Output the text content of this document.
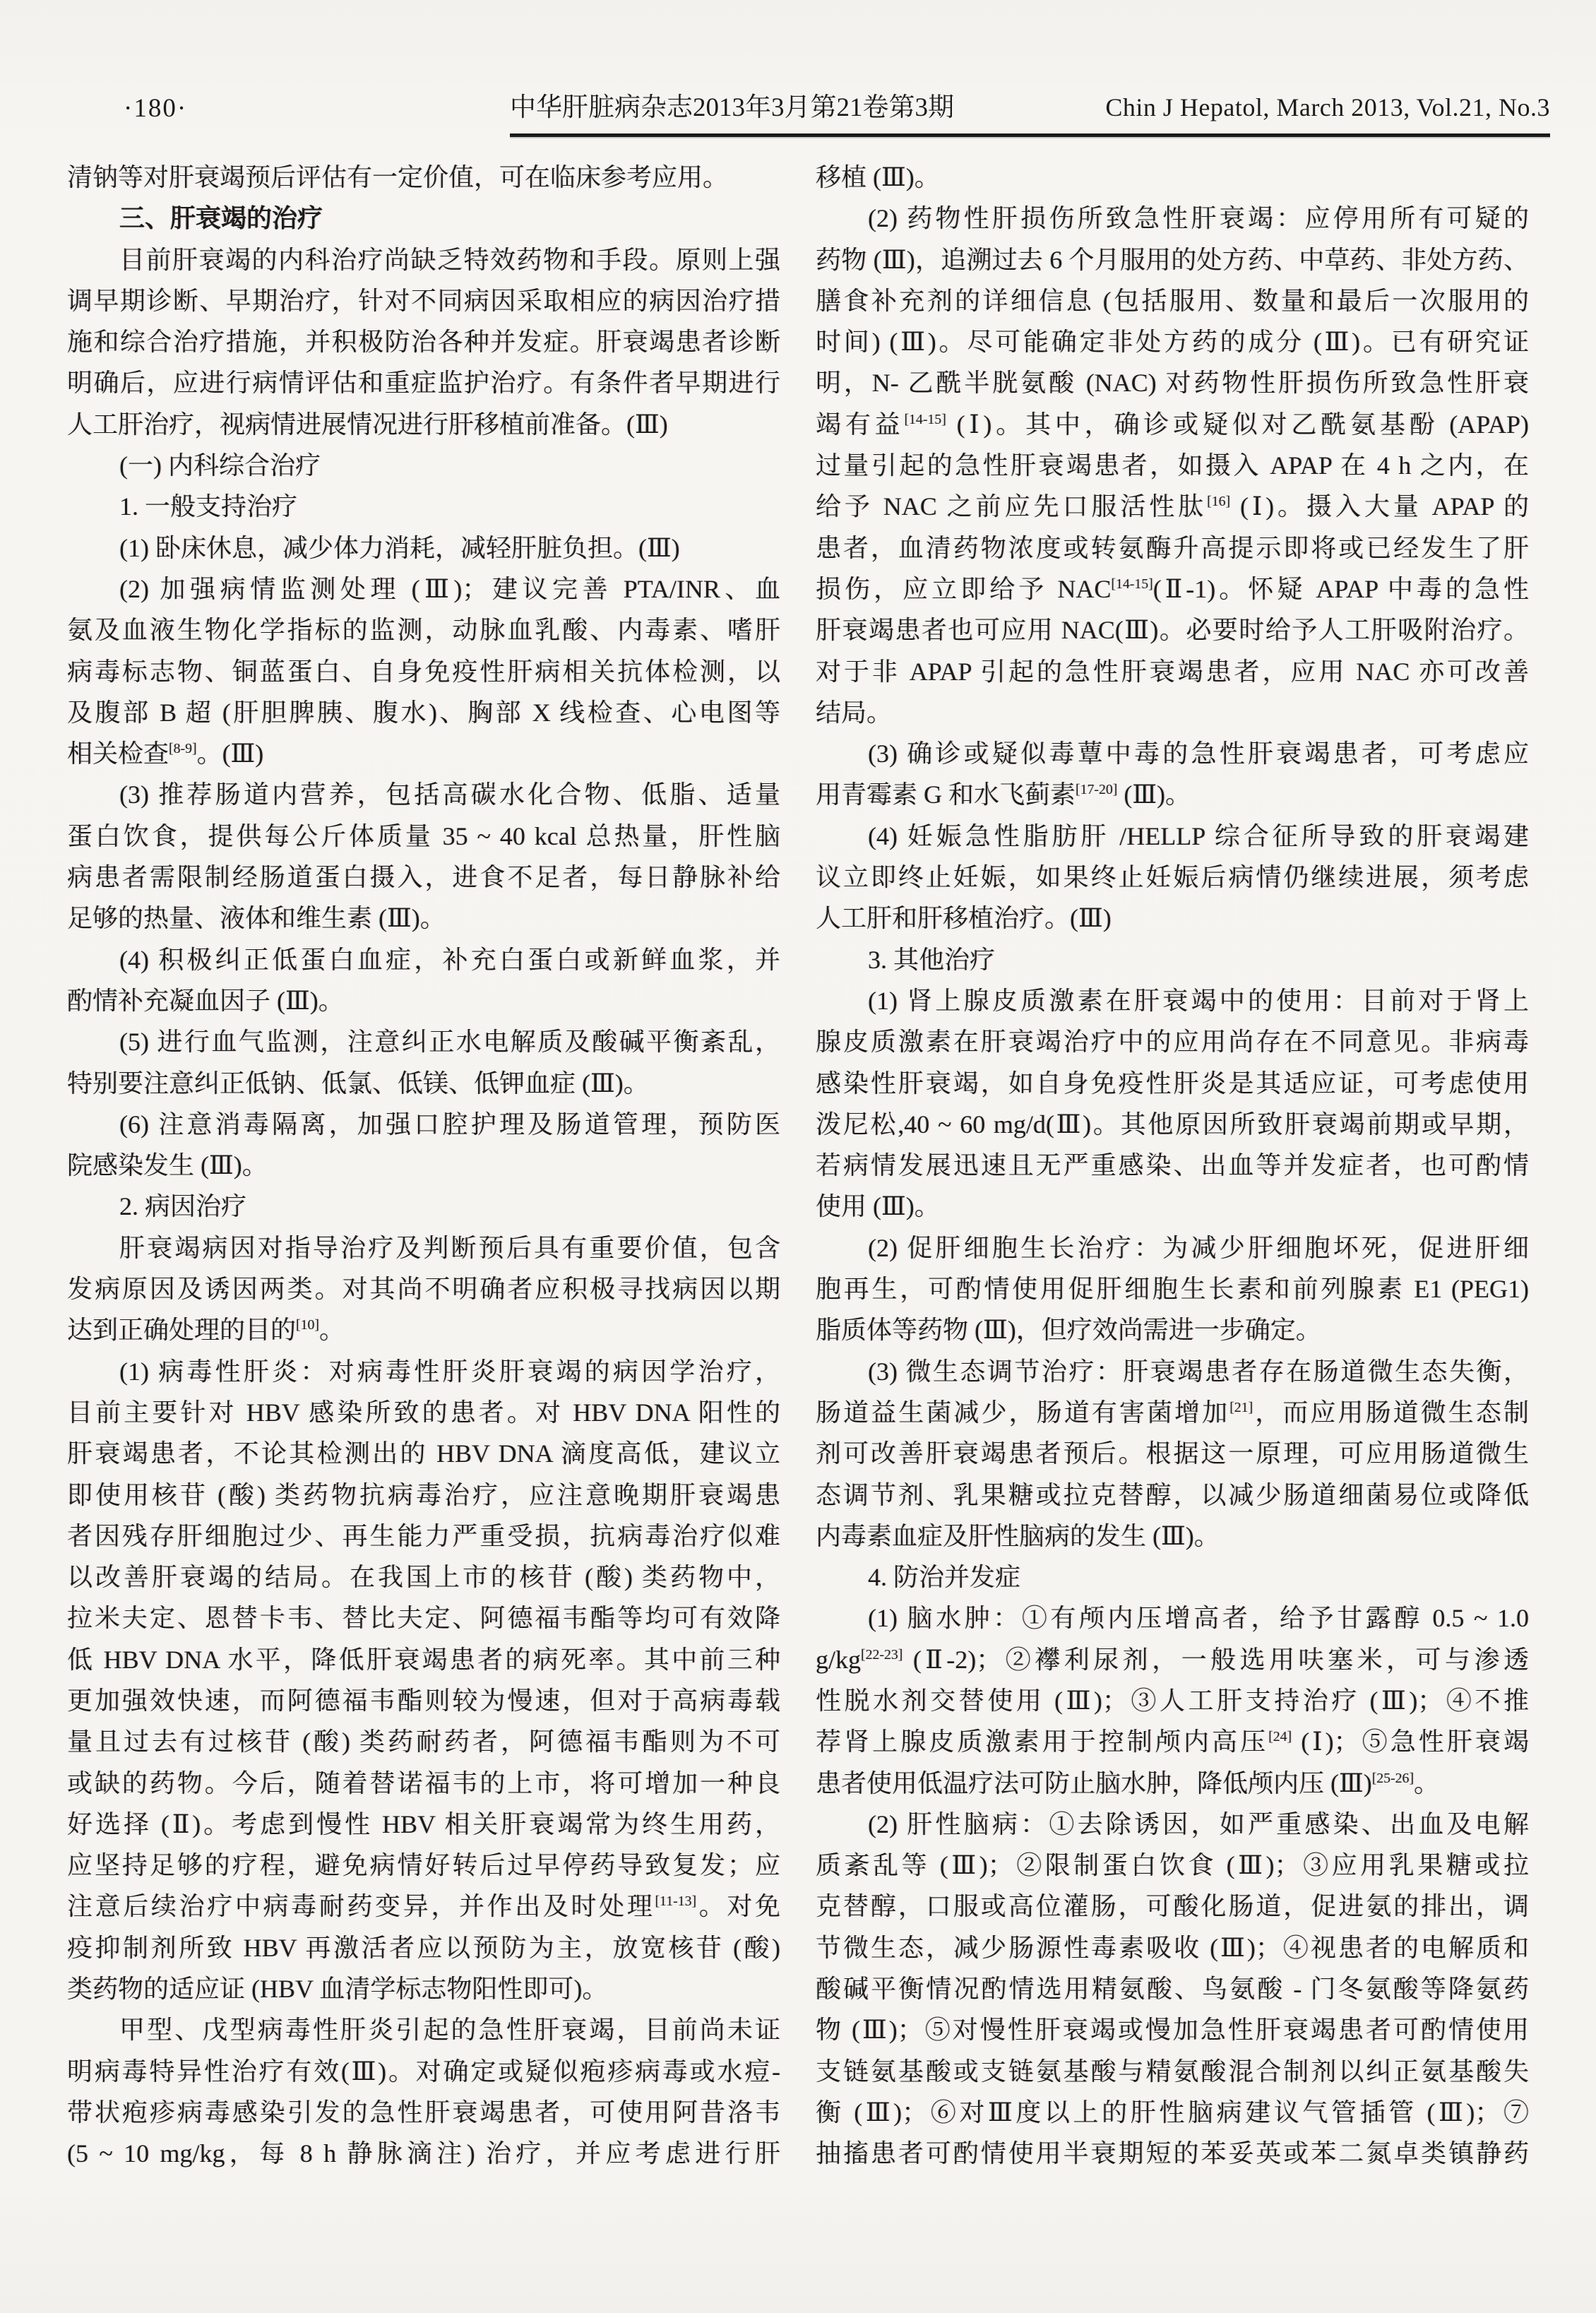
·180·	中华肝脏病杂志2013年3月第21卷第3期	Chin J Hepatol, March 2013, Vol.21, No.3

清钠等对肝衰竭预后评估有一定价值，可在临床参考应用。

三、肝衰竭的治疗

目前肝衰竭的内科治疗尚缺乏特效药物和手段。原则上强

调早期诊断、早期治疗，针对不同病因采取相应的病因治疗措

施和综合治疗措施，并积极防治各种并发症。肝衰竭患者诊断

明确后，应进行病情评估和重症监护治疗。有条件者早期进行

人工肝治疗，视病情进展情况进行肝移植前准备。(Ⅲ)

(一) 内科综合治疗

1. 一般支持治疗

(1) 卧床休息，减少体力消耗，减轻肝脏负担。(Ⅲ)

(2) 加强病情监测处理 (Ⅲ)；建议完善 PTA/INR、血

氨及血液生物化学指标的监测，动脉血乳酸、内毒素、嗜肝

病毒标志物、铜蓝蛋白、自身免疫性肝病相关抗体检测，以

及腹部 B 超 (肝胆脾胰、腹水)、胸部 X 线检查、心电图等

相关检查[8-9]。(Ⅲ)

(3) 推荐肠道内营养，包括高碳水化合物、低脂、适量

蛋白饮食，提供每公斤体质量 35 ~ 40 kcal 总热量，肝性脑

病患者需限制经肠道蛋白摄入，进食不足者，每日静脉补给

足够的热量、液体和维生素 (Ⅲ)。

(4) 积极纠正低蛋白血症，补充白蛋白或新鲜血浆，并

酌情补充凝血因子 (Ⅲ)。

(5) 进行血气监测，注意纠正水电解质及酸碱平衡紊乱，

特别要注意纠正低钠、低氯、低镁、低钾血症 (Ⅲ)。

(6) 注意消毒隔离，加强口腔护理及肠道管理，预防医

院感染发生 (Ⅲ)。

2. 病因治疗

肝衰竭病因对指导治疗及判断预后具有重要价值，包含

发病原因及诱因两类。对其尚不明确者应积极寻找病因以期

达到正确处理的目的[10]。

(1) 病毒性肝炎：对病毒性肝炎肝衰竭的病因学治疗，

目前主要针对 HBV 感染所致的患者。对 HBV DNA 阳性的

肝衰竭患者，不论其检测出的 HBV DNA 滴度高低，建议立

即使用核苷 (酸) 类药物抗病毒治疗，应注意晚期肝衰竭患

者因残存肝细胞过少、再生能力严重受损，抗病毒治疗似难

以改善肝衰竭的结局。在我国上市的核苷 (酸) 类药物中，

拉米夫定、恩替卡韦、替比夫定、阿德福韦酯等均可有效降

低 HBV DNA 水平，降低肝衰竭患者的病死率。其中前三种

更加强效快速，而阿德福韦酯则较为慢速，但对于高病毒载

量且过去有过核苷 (酸) 类药耐药者，阿德福韦酯则为不可

或缺的药物。今后，随着替诺福韦的上市，将可增加一种良

好选择 (Ⅱ)。考虑到慢性 HBV 相关肝衰竭常为终生用药，

应坚持足够的疗程，避免病情好转后过早停药导致复发；应

注意后续治疗中病毒耐药变异，并作出及时处理[11-13]。对免

疫抑制剂所致 HBV 再激活者应以预防为主，放宽核苷 (酸)

类药物的适应证 (HBV 血清学标志物阳性即可)。

甲型、戊型病毒性肝炎引起的急性肝衰竭，目前尚未证

明病毒特异性治疗有效(Ⅲ)。对确定或疑似疱疹病毒或水痘-

带状疱疹病毒感染引发的急性肝衰竭患者，可使用阿昔洛韦

(5 ~ 10 mg/kg，每 8 h 静脉滴注) 治疗，并应考虑进行肝

移植 (Ⅲ)。

(2) 药物性肝损伤所致急性肝衰竭：应停用所有可疑的

药物 (Ⅲ)，追溯过去 6 个月服用的处方药、中草药、非处方药、

膳食补充剂的详细信息 (包括服用、数量和最后一次服用的

时间) (Ⅲ)。尽可能确定非处方药的成分 (Ⅲ)。已有研究证

明，N- 乙酰半胱氨酸 (NAC) 对药物性肝损伤所致急性肝衰

竭有益[14-15] (Ⅰ)。其中，确诊或疑似对乙酰氨基酚 (APAP)

过量引起的急性肝衰竭患者，如摄入 APAP 在 4 h 之内，在

给予 NAC 之前应先口服活性肽[16] (Ⅰ)。摄入大量 APAP 的

患者，血清药物浓度或转氨酶升高提示即将或已经发生了肝

损伤，应立即给予 NAC[14-15](Ⅱ-1)。怀疑 APAP 中毒的急性

肝衰竭患者也可应用 NAC(Ⅲ)。必要时给予人工肝吸附治疗。

对于非 APAP 引起的急性肝衰竭患者，应用 NAC 亦可改善

结局。

(3) 确诊或疑似毒蕈中毒的急性肝衰竭患者，可考虑应

用青霉素 G 和水飞蓟素[17-20] (Ⅲ)。

(4) 妊娠急性脂肪肝 /HELLP 综合征所导致的肝衰竭建

议立即终止妊娠，如果终止妊娠后病情仍继续进展，须考虑

人工肝和肝移植治疗。(Ⅲ)

3. 其他治疗

(1) 肾上腺皮质激素在肝衰竭中的使用：目前对于肾上

腺皮质激素在肝衰竭治疗中的应用尚存在不同意见。非病毒

感染性肝衰竭，如自身免疫性肝炎是其适应证，可考虑使用

泼尼松,40 ~ 60 mg/d(Ⅲ)。其他原因所致肝衰竭前期或早期，

若病情发展迅速且无严重感染、出血等并发症者，也可酌情

使用 (Ⅲ)。

(2) 促肝细胞生长治疗：为减少肝细胞坏死，促进肝细

胞再生，可酌情使用促肝细胞生长素和前列腺素 E1 (PEG1)

脂质体等药物 (Ⅲ)，但疗效尚需进一步确定。

(3) 微生态调节治疗：肝衰竭患者存在肠道微生态失衡，

肠道益生菌减少，肠道有害菌增加[21]，而应用肠道微生态制

剂可改善肝衰竭患者预后。根据这一原理，可应用肠道微生

态调节剂、乳果糖或拉克替醇，以减少肠道细菌易位或降低

内毒素血症及肝性脑病的发生 (Ⅲ)。

4. 防治并发症

(1) 脑水肿：①有颅内压增高者，给予甘露醇 0.5 ~ 1.0

g/kg[22-23] (Ⅱ-2)；②襻利尿剂，一般选用呋塞米，可与渗透

性脱水剂交替使用 (Ⅲ)；③人工肝支持治疗 (Ⅲ)；④不推

荐肾上腺皮质激素用于控制颅内高压[24] (Ⅰ)；⑤急性肝衰竭

患者使用低温疗法可防止脑水肿，降低颅内压 (Ⅲ)[25-26]。

(2) 肝性脑病：①去除诱因，如严重感染、出血及电解

质紊乱等 (Ⅲ)；②限制蛋白饮食 (Ⅲ)；③应用乳果糖或拉

克替醇，口服或高位灌肠，可酸化肠道，促进氨的排出，调

节微生态，减少肠源性毒素吸收 (Ⅲ)；④视患者的电解质和

酸碱平衡情况酌情选用精氨酸、鸟氨酸 - 门冬氨酸等降氨药

物 (Ⅲ)；⑤对慢性肝衰竭或慢加急性肝衰竭患者可酌情使用

支链氨基酸或支链氨基酸与精氨酸混合制剂以纠正氨基酸失

衡 (Ⅲ)；⑥对Ⅲ度以上的肝性脑病建议气管插管 (Ⅲ)；⑦

抽搐患者可酌情使用半衰期短的苯妥英或苯二氮卓类镇静药
